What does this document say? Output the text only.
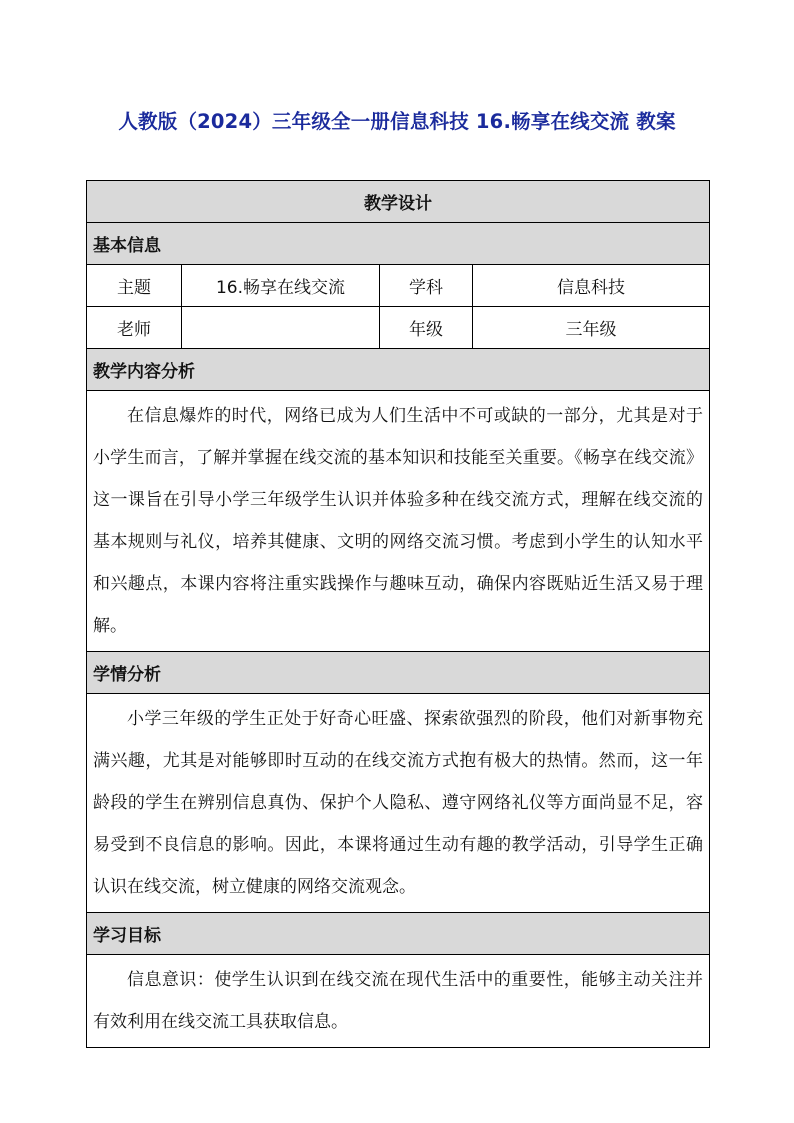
人教版（2024）三年级全一册信息科技 16.畅享在线交流 教案
教学设计			
基本信息			
主题	16.畅享在线交流	学科	信息科技
老师		年级	三年级
教学内容分析			
在信息爆炸的时代，网络已成为人们生活中不可或缺的一部分，尤其是对于小学生而言，了解并掌握在线交流的基本知识和技能至关重要。《畅享在线交流》这一课旨在引导小学三年级学生认识并体验多种在线交流方式，理解在线交流的基本规则与礼仪，培养其健康、文明的网络交流习惯。考虑到小学生的认知水平和兴趣点，本课内容将注重实践操作与趣味互动，确保内容既贴近生活又易于理解。			
学情分析			
小学三年级的学生正处于好奇心旺盛、探索欲强烈的阶段，他们对新事物充满兴趣，尤其是对能够即时互动的在线交流方式抱有极大的热情。然而，这一年龄段的学生在辨别信息真伪、保护个人隐私、遵守网络礼仪等方面尚显不足，容易受到不良信息的影响。因此，本课将通过生动有趣的教学活动，引导学生正确认识在线交流，树立健康的网络交流观念。			
学习目标			
信息意识：使学生认识到在线交流在现代生活中的重要性，能够主动关注并有效利用在线交流工具获取信息。			
